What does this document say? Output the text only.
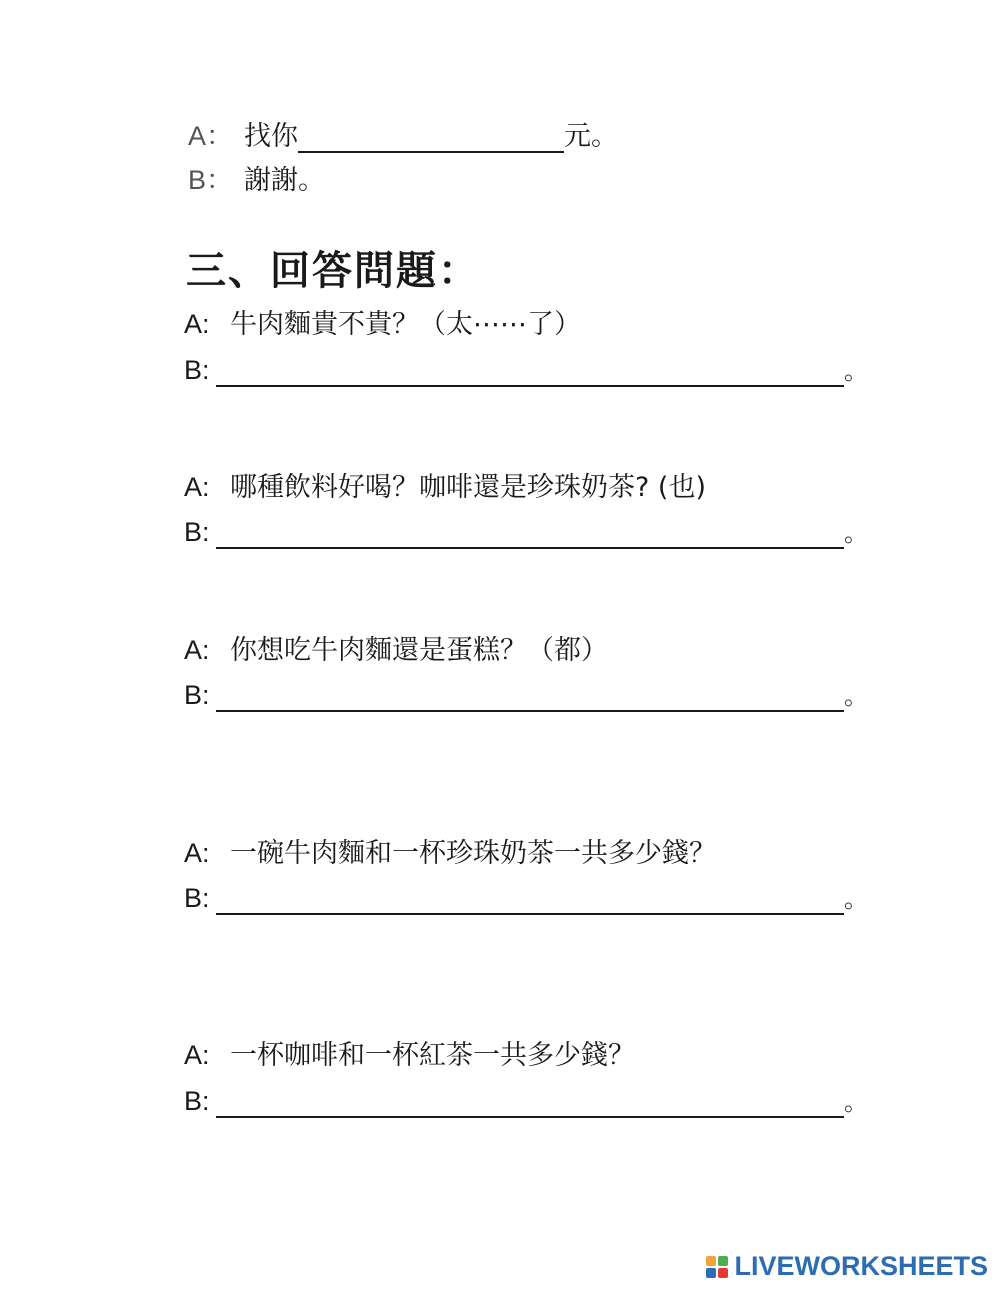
A： 找你	元。
B： 謝謝。
三、回答問題：
A: 牛肉麵貴不貴？（太⋯⋯了）
B:	。
A: 哪種飲料好喝？咖啡還是珍珠奶茶? (也)
B:	。
A: 你想吃牛肉麵還是蛋糕？（都）
B:	。
A: 一碗牛肉麵和一杯珍珠奶茶一共多少錢？
B:	。
A: 一杯咖啡和一杯紅茶一共多少錢？
B:	。
LIVEWORKSHEETS
